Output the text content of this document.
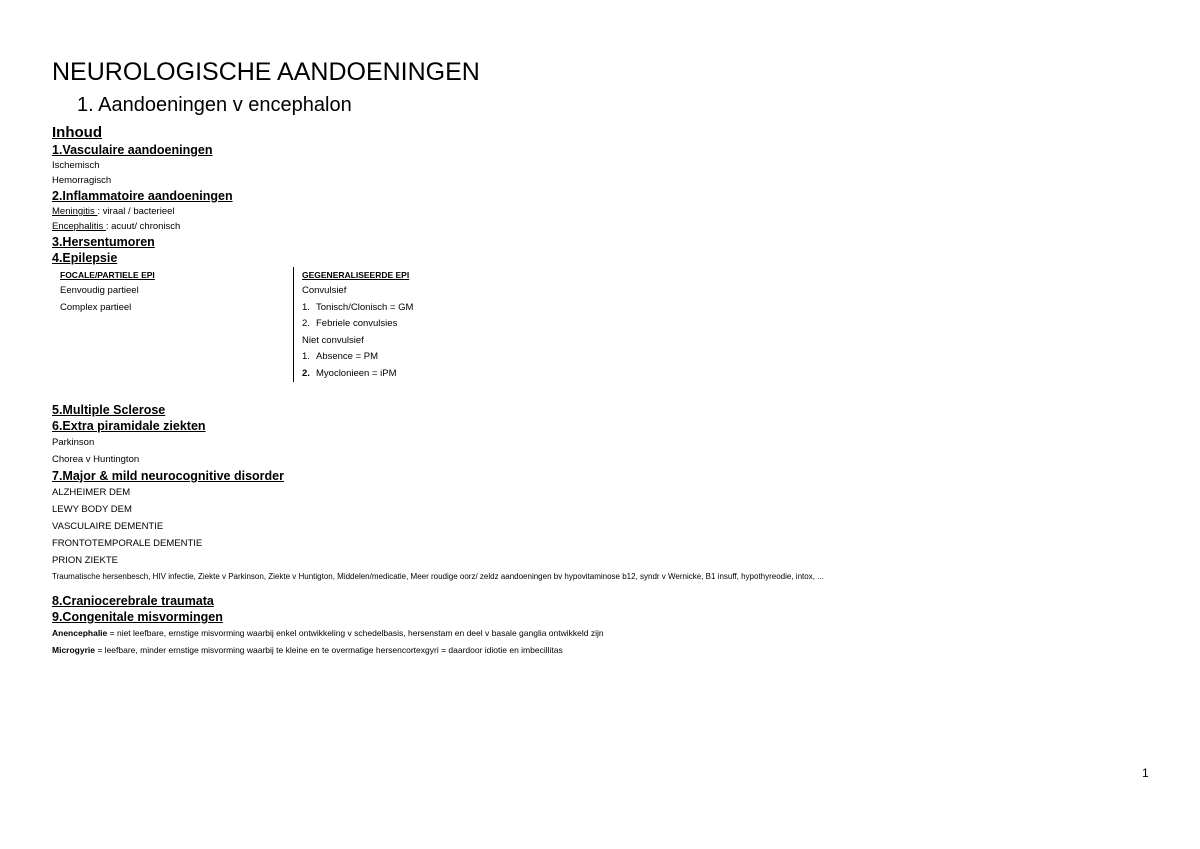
NEUROLOGISCHE AANDOENINGEN
1. Aandoeningen v encephalon
Inhoud
1.Vasculaire aandoeningen
Ischemisch
Hemorragisch
2.Inflammatoire aandoeningen
Meningitis : viraal / bacterieel
Encephalitis : acuut/ chronisch
3.Hersentumoren
4.Epilepsie
FOCALE/PARTIELE EPI
Eenvoudig partieel
Complex partieel
GEGENERALISEERDE EPI
Convulsief
1. Tonisch/Clonisch = GM
2. Febriele convulsies
Niet convulsief
1. Absence = PM
2. Myoclonieen = iPM
5.Multiple Sclerose
6.Extra piramidale ziekten
Parkinson
Chorea v Huntington
7.Major & mild neurocognitive disorder
ALZHEIMER DEM
LEWY BODY DEM
VASCULAIRE DEMENTIE
FRONTOTEMPORALE DEMENTIE
PRION ZIEKTE
Traumatische hersenbesch, HIV infectie, Ziekte v Parkinson, Ziekte v Huntigton, Middelen/medicatie, Meer roudige oorz/ zeldz aandoeningen bv hypovitaminose b12, syndr v Wernicke, B1 insuff, hypothyreodie, intox, ...
8.Craniocerebrale traumata
9.Congenitale misvormingen
Anencephalie = niet leefbare, ernstige misvorming waarbij enkel ontwikkeling v schedelbasis, hersenstam en deel v basale ganglia ontwikkeld zijn
Microgyrie = leefbare, minder ernstige misvorming waarbij te kleine en te overmatige hersencortexgyri = daardoor idiotie en imbecillitas
1
